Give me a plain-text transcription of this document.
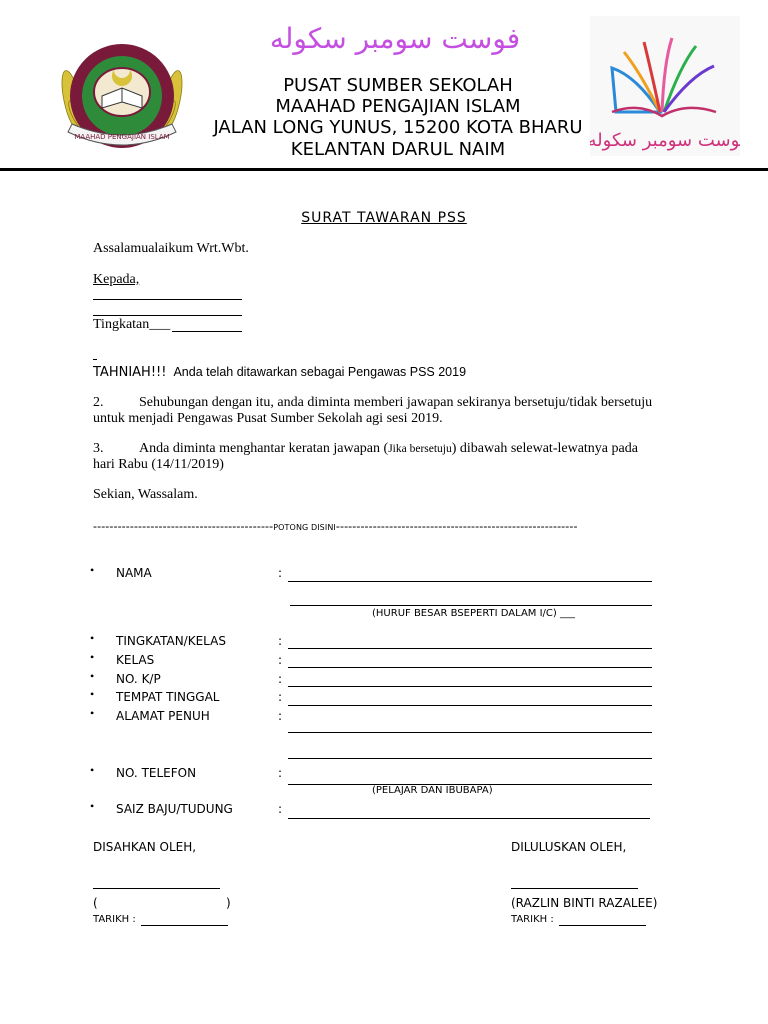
فوست سومبر سکوله
MAAHAD PENGAJIAN ISLAM
PUSAT SUMBER SEKOLAH
MAAHAD PENGAJIAN ISLAM
JALAN LONG YUNUS, 15200 KOTA BHARU
KELANTAN DARUL NAIM	فوست سومبر سکوله
SURAT TAWARAN PSS
Assalamualaikum Wrt.Wbt.
Kepada,
Tingkatan___
TAHNIAH!!! Anda telah ditawarkan sebagai Pengawas PSS 2019
2.	Sehubungan dengan itu, anda diminta memberi jawapan sekiranya bersetuju/tidak bersetuju
untuk menjadi Pengawas Pusat Sumber Sekolah agi sesi 2019.
3.	Anda diminta menghantar keratan jawapan (Jika bersetuju) dibawah selewat-lewatnya pada
hari Rabu (14/11/2019)
Sekian, Wassalam.
--------------------------------------------POTONG DISINI-----------------------------------------------------------
• NAMA	:
(HURUF BESAR BSEPERTI DALAM I/C) ___
• TINGKATAN/KELAS	:
• KELAS	:
• NO. K/P	:
• TEMPAT TINGGAL	:
• ALAMAT PENUH	:
• NO. TELEFON	:
(PELAJAR DAN IBUBAPA)
• SAIZ BAJU/TUDUNG	:
DISAHKAN OLEH,
(	)
TARIKH :
DILULUSKAN OLEH,
(RAZLIN BINTI RAZALEE)
TARIKH :
